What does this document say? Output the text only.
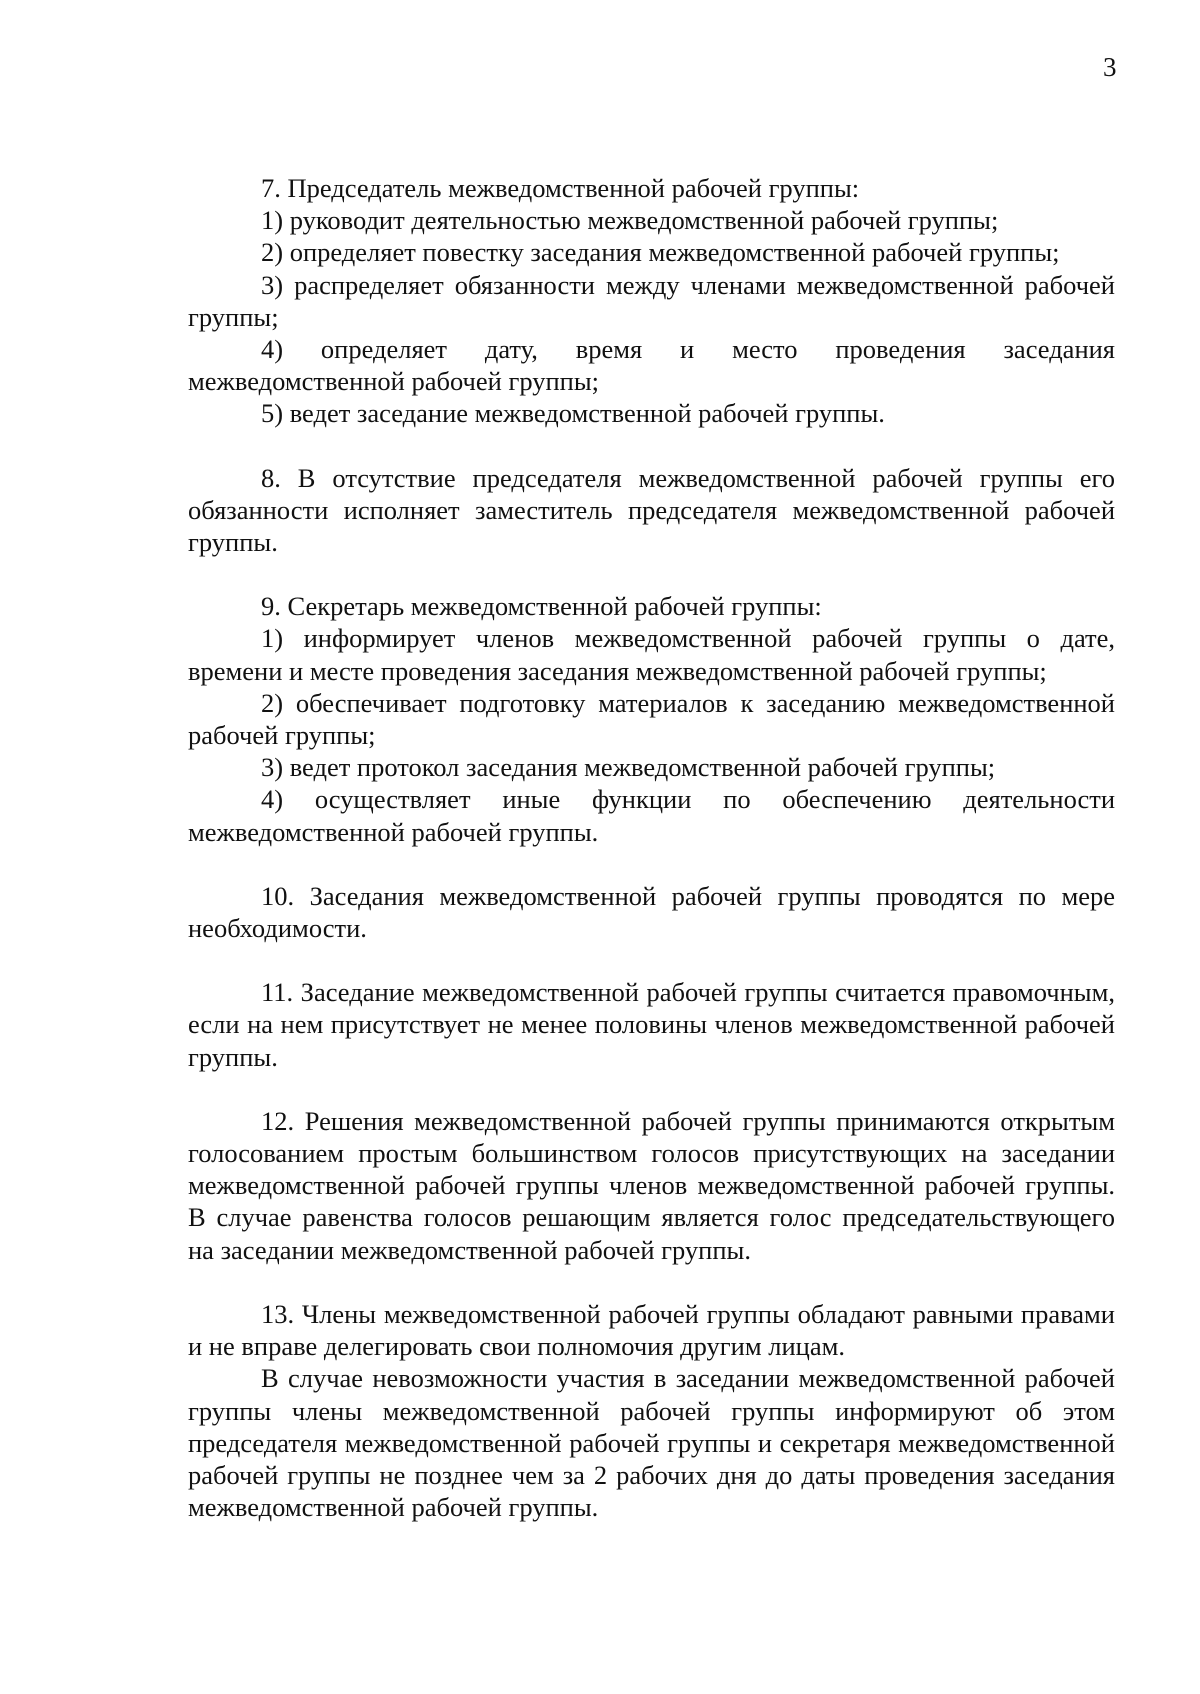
3

7. Председатель межведомственной рабочей группы:

1) руководит деятельностью межведомственной рабочей группы;

2) определяет повестку заседания межведомственной рабочей группы;

3) распределяет обязанности между членами межведомственной рабочей группы;

4) определяет дату, время и место проведения заседания межведомственной рабочей группы;

5) ведет заседание межведомственной рабочей группы.

8. В отсутствие председателя межведомственной рабочей группы его обязанности исполняет заместитель председателя межведомственной рабочей группы.

9. Секретарь межведомственной рабочей группы:

1) информирует членов межведомственной рабочей группы о дате, времени и месте проведения заседания межведомственной рабочей группы;

2) обеспечивает подготовку материалов к заседанию межведомственной рабочей группы;

3) ведет протокол заседания межведомственной рабочей группы;

4) осуществляет иные функции по обеспечению деятельности межведомственной рабочей группы.

10. Заседания межведомственной рабочей группы проводятся по мере необходимости.

11. Заседание межведомственной рабочей группы считается правомочным, если на нем присутствует не менее половины членов межведомственной рабочей группы.

12. Решения межведомственной рабочей группы принимаются открытым голосованием простым большинством голосов присутствующих на заседании межведомственной рабочей группы членов межведомственной рабочей группы. В случае равенства голосов решающим является голос председательствующего на заседании межведомственной рабочей группы.

13. Члены межведомственной рабочей группы обладают равными правами и не вправе делегировать свои полномочия другим лицам.

В случае невозможности участия в заседании межведомственной рабочей группы члены межведомственной рабочей группы информируют об этом председателя межведомственной рабочей группы и секретаря межведомственной рабочей группы не позднее чем за 2 рабочих дня до даты проведения заседания межведомственной рабочей группы.
